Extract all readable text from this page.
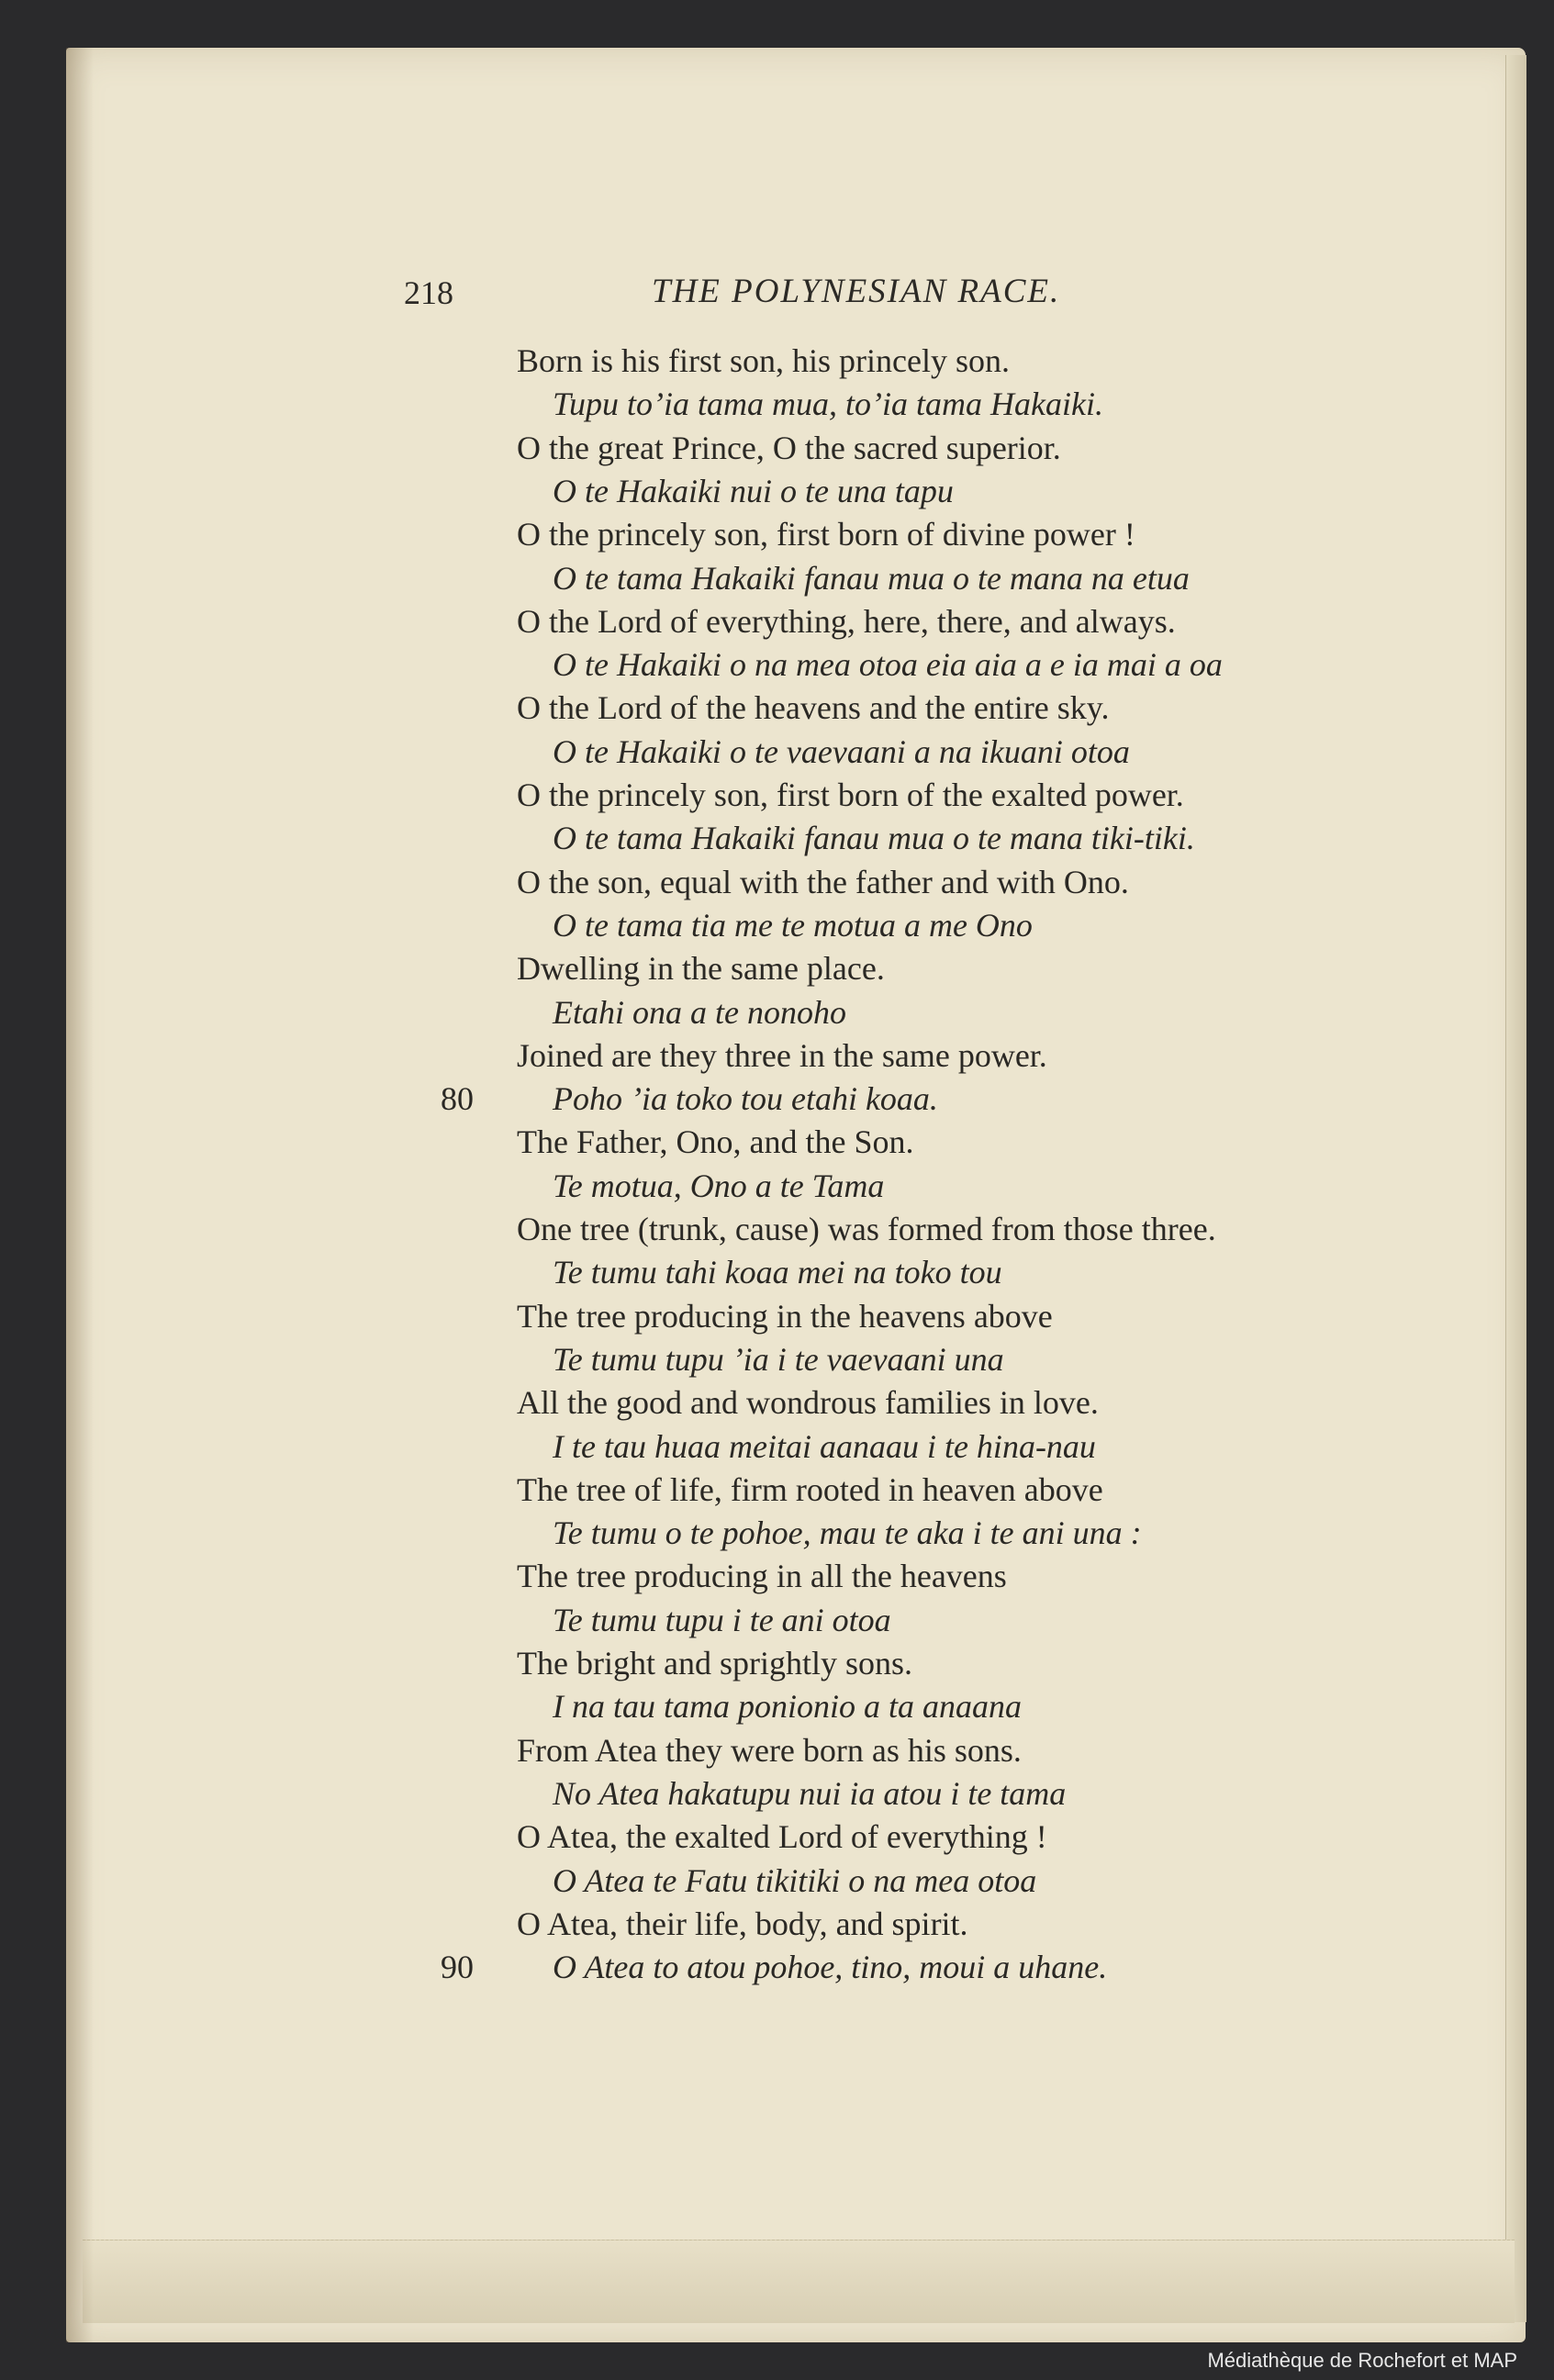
218	THE POLYNESIAN RACE.
Born is his first son, his princely son.
Tupu to’ia tama mua, to’ia tama Hakaiki.
O the great Prince, O the sacred superior.
O te Hakaiki nui o te una tapu
O the princely son, first born of divine power !
O te tama Hakaiki fanau mua o te mana na etua
O the Lord of everything, here, there, and always.
O te Hakaiki o na mea otoa eia aia a e ia mai a oa
O the Lord of the heavens and the entire sky.
O te Hakaiki o te vaevaani a na ikuani otoa
O the princely son, first born of the exalted power.
O te tama Hakaiki fanau mua o te mana tiki-tiki.
O the son, equal with the father and with Ono.
O te tama tia me te motua a me Ono
Dwelling in the same place.
Etahi ona a te nonoho
Joined are they three in the same power.
80 Poho ’ia toko tou etahi koaa.
The Father, Ono, and the Son.
Te motua, Ono a te Tama
One tree (trunk, cause) was formed from those three.
Te tumu tahi koaa mei na toko tou
The tree producing in the heavens above
Te tumu tupu ’ia i te vaevaani una
All the good and wondrous families in love.
I te tau huaa meitai aanaau i te hina-nau
The tree of life, firm rooted in heaven above
Te tumu o te pohoe, mau te aka i te ani una :
The tree producing in all the heavens
Te tumu tupu i te ani otoa
The bright and sprightly sons.
I na tau tama ponionio a ta anaana
From Atea they were born as his sons.
No Atea hakatupu nui ia atou i te tama
O Atea, the exalted Lord of everything !
O Atea te Fatu tikitiki o na mea otoa
O Atea, their life, body, and spirit.
90 O Atea to atou pohoe, tino, moui a uhane.
Médiathèque de Rochefort et MAP
